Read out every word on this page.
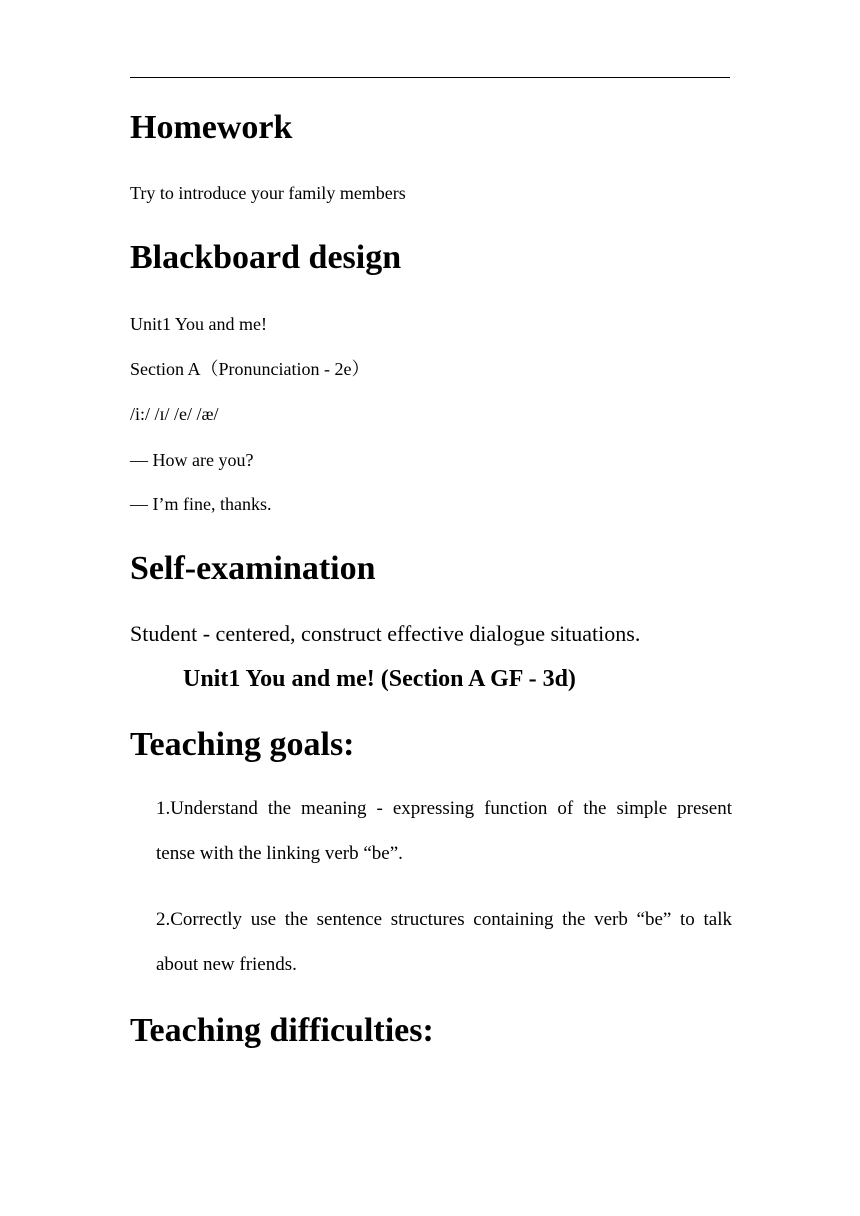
Homework

Try to introduce your family members

Blackboard design

Unit1 You and me!

Section A（Pronunciation - 2e）

/i:/ /ɪ/ /e/ /æ/

— How are you?

— I’m fine, thanks.

Self-examination

Student - centered, construct effective dialogue situations.

Unit1 You and me! (Section A GF - 3d)
Teaching goals:
1.Understand the meaning - expressing function of the simple present
tense with the linking verb “be”.
2.Correctly use the sentence structures containing the verb “be” to talk
about new friends.
Teaching difficulties:
